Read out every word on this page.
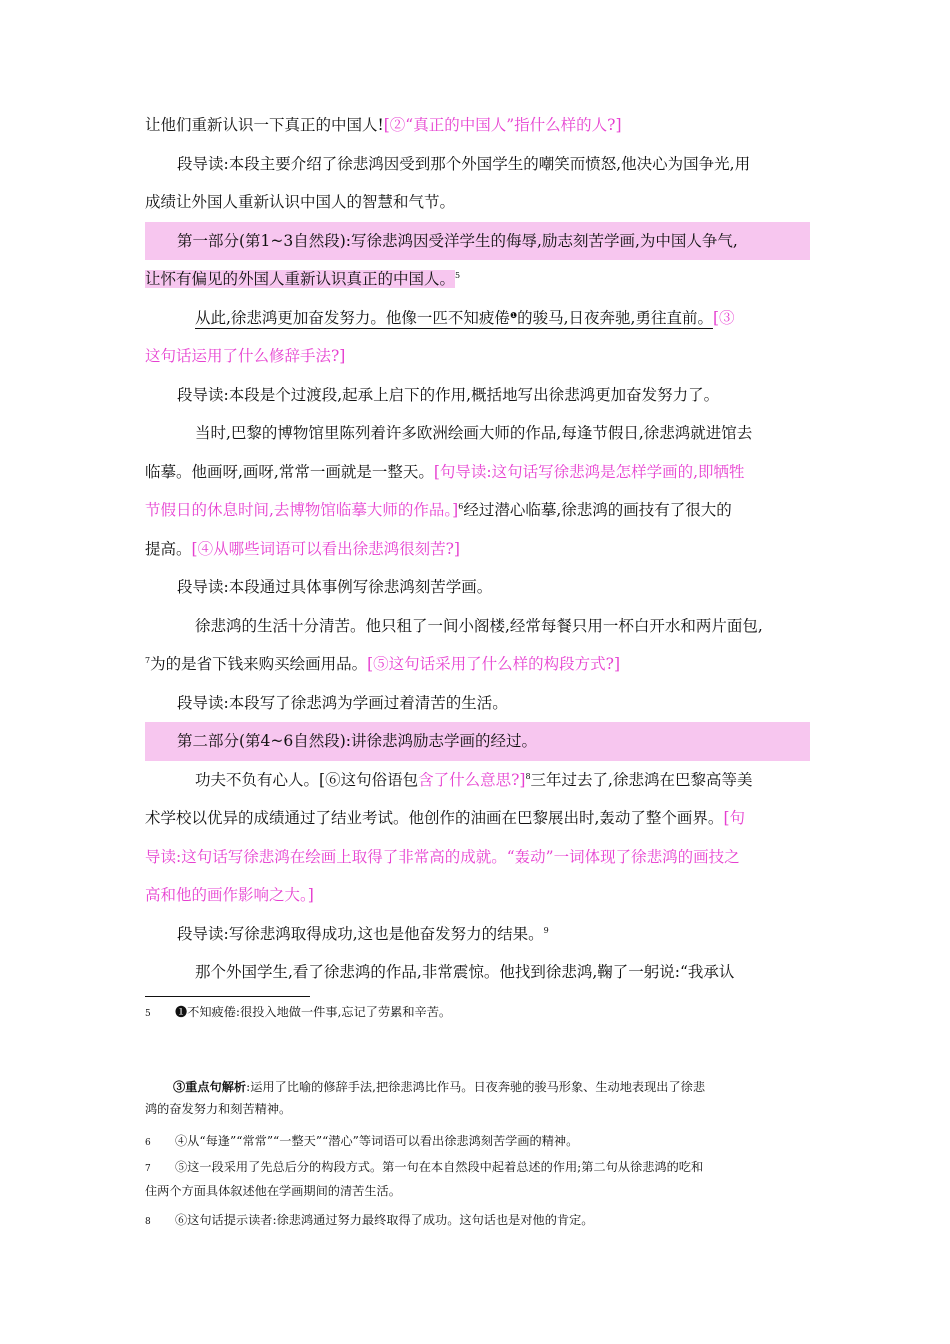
让他们重新认识一下真正的中国人![②“真正的中国人”指什么样的人?]

段导读:本段主要介绍了徐悲鸿因受到那个外国学生的嘲笑而愤怒,他决心为国争光,用

成绩让外国人重新认识中国人的智慧和气节。

第一部分(第1~3自然段):写徐悲鸿因受洋学生的侮辱,励志刻苦学画,为中国人争气,

让怀有偏见的外国人重新认识真正的中国人。$^5$

从此,徐悲鸿更加奋发努力。他像一匹不知疲倦$^❶$的骏马,日夜奔驰,勇往直前。[③

这句话运用了什么修辞手法?]

段导读:本段是个过渡段,起承上启下的作用,概括地写出徐悲鸿更加奋发努力了。

当时,巴黎的博物馆里陈列着许多欧洲绘画大师的作品,每逢节假日,徐悲鸿就进馆去

临摹。他画呀,画呀,常常一画就是一整天。[句导读:这句话写徐悲鸿是怎样学画的,即牺牲

节假日的休息时间,去博物馆临摹大师的作品。]$^6$经过潜心临摹,徐悲鸿的画技有了很大的

提高。[④从哪些词语可以看出徐悲鸿很刻苦?]

段导读:本段通过具体事例写徐悲鸿刻苦学画。

徐悲鸿的生活十分清苦。他只租了一间小阁楼,经常每餐只用一杯白开水和两片面包,

$^7$为的是省下钱来购买绘画用品。[⑤这句话采用了什么样的构段方式?]

段导读:本段写了徐悲鸿为学画过着清苦的生活。

第二部分(第4~6自然段):讲徐悲鸿励志学画的经过。

功夫不负有心人。[⑥这句俗语包含了什么意思?]$^8$三年过去了,徐悲鸿在巴黎高等美

术学校以优异的成绩通过了结业考试。他创作的油画在巴黎展出时,轰动了整个画界。[句

导读:这句话写徐悲鸿在绘画上取得了非常高的成就。“轰动”一词体现了徐悲鸿的画技之

高和他的画作影响之大。]

段导读:写徐悲鸿取得成功,这也是他奋发努力的结果。$^9$

那个外国学生,看了徐悲鸿的作品,非常震惊。他找到徐悲鸿,鞠了一躬说:“我承认

5 ❶不知疲倦:很投入地做一件事,忘记了劳累和辛苦。
③重点句解析:运用了比喻的修辞手法,把徐悲鸿比作马。日夜奔驰的骏马形象、生动地表现出了徐悲
鸿的奋发努力和刻苦精神。
6 ④从“每逢”“常常”“一整天”“潜心”等词语可以看出徐悲鸿刻苦学画的精神。
7 ⑤这一段采用了先总后分的构段方式。第一句在本自然段中起着总述的作用;第二句从徐悲鸿的吃和
住两个方面具体叙述他在学画期间的清苦生活。
8 ⑥这句话提示读者:徐悲鸿通过努力最终取得了成功。这句话也是对他的肯定。
